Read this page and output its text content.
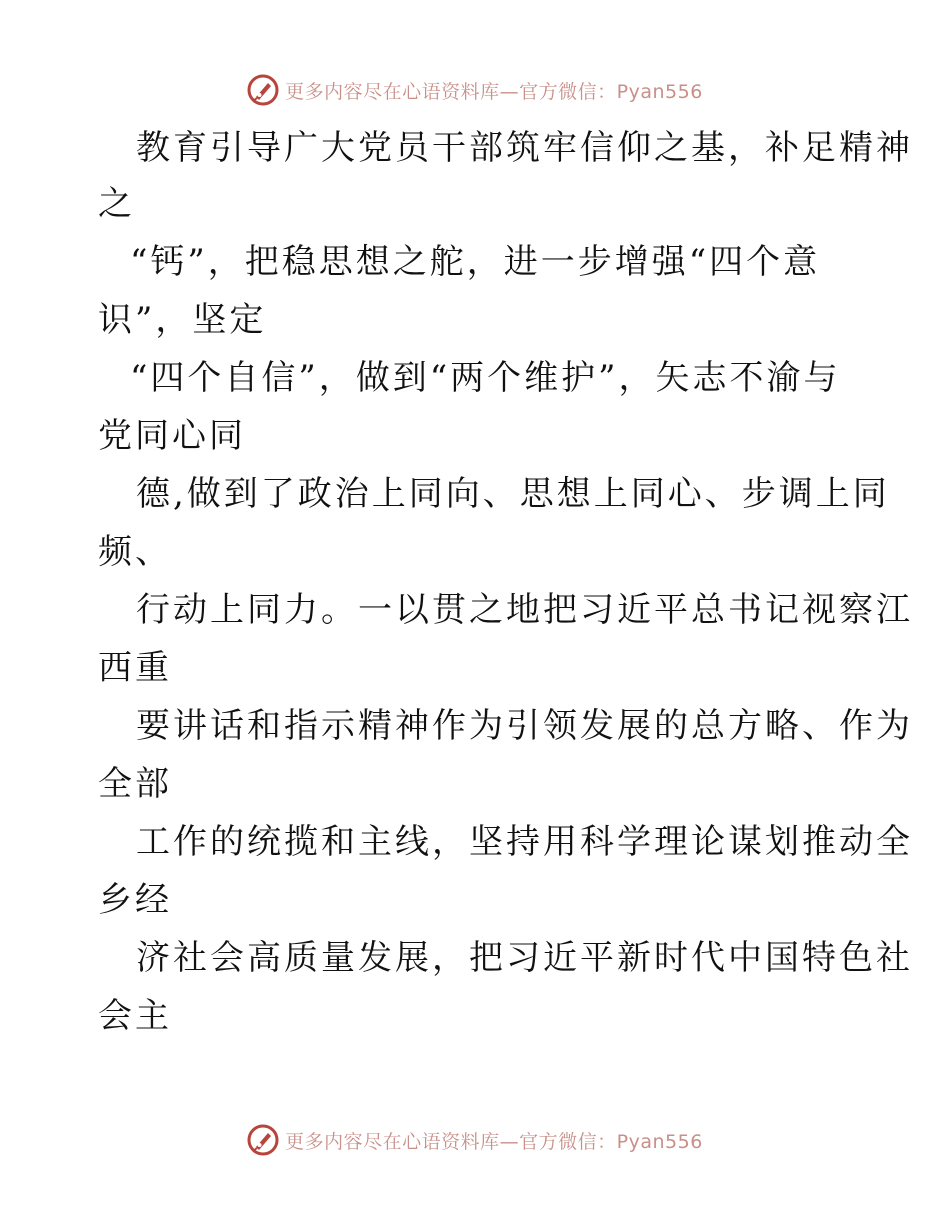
更多内容尽在心语资料库—官方微信：Pyan556
教育引导广大党员干部筑牢信仰之基，补足精神
之
“钙”，把稳思想之舵，进一步增强“四个意
识”，坚定
“四个自信”，做到“两个维护”，矢志不渝与
党同心同
德,做到了政治上同向、思想上同心、步调上同
频、
行动上同力。一以贯之地把习近平总书记视察江
西重
要讲话和指示精神作为引领发展的总方略、作为
全部
工作的统揽和主线，坚持用科学理论谋划推动全
乡经
济社会高质量发展，把习近平新时代中国特色社
会主
更多内容尽在心语资料库—官方微信：Pyan556
